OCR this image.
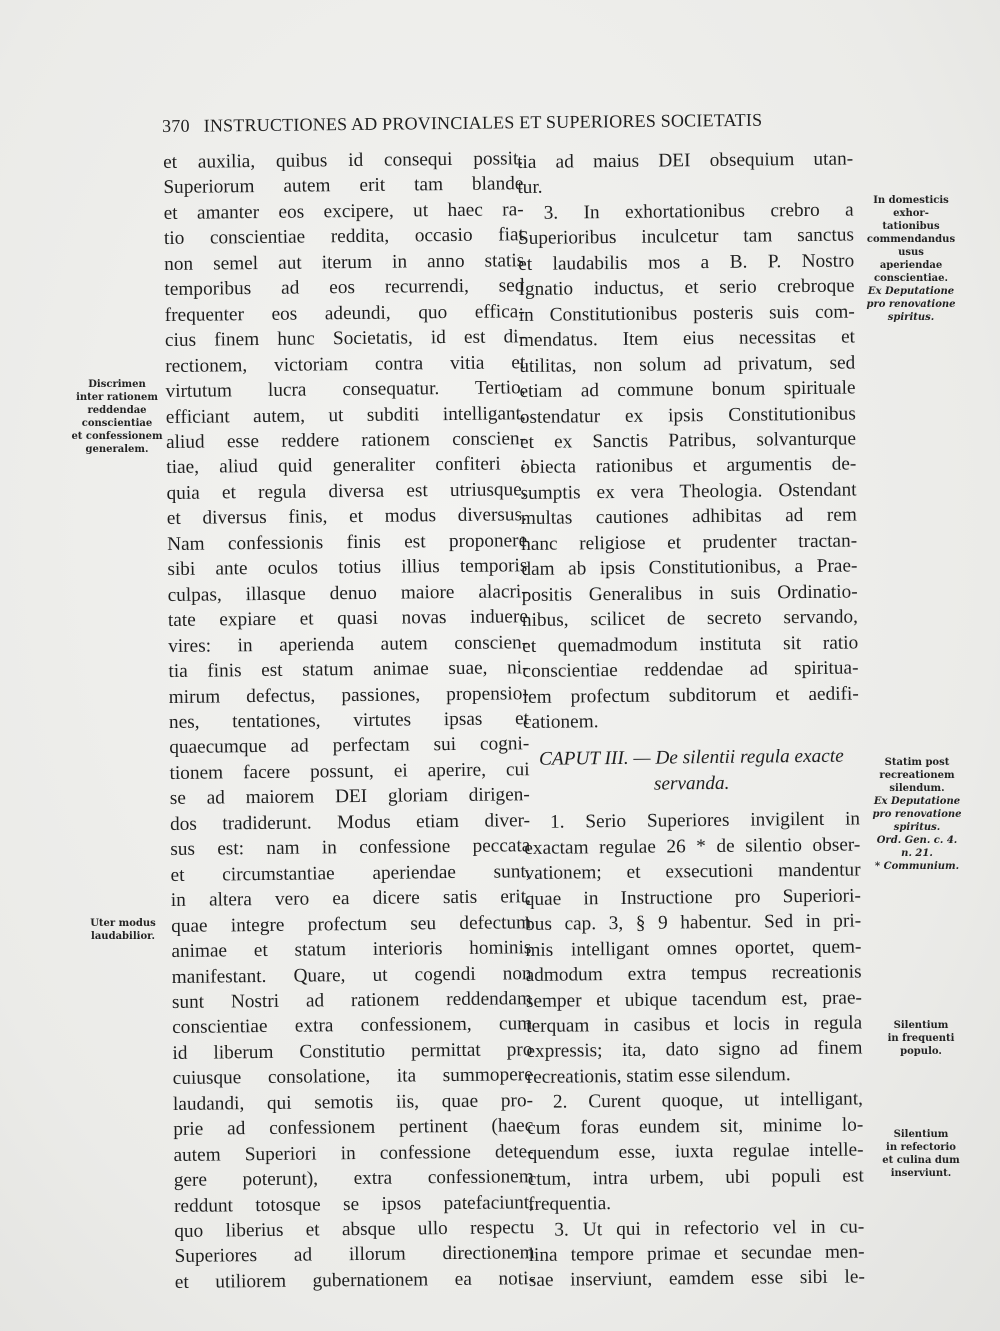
370 INSTRUCTIONES AD PROVINCIALES ET SUPERIORES SOCIETATIS
et auxilia, quibus id consequi possit.
Superiorum autem erit tam blande
et amanter eos excipere, ut haec ra-
tio conscientiae reddita, occasio fiat
non semel aut iterum in anno statis
temporibus ad eos recurrendi, sed
frequenter eos adeundi, quo effica-
cius finem hunc Societatis, id est di-
rectionem, victoriam contra vitia et
virtutum lucra consequatur. Tertio,
efficiant autem, ut subditi intelligant,
aliud esse reddere rationem conscien-
tiae, aliud quid generaliter confiteri :
quia et regula diversa est utriusque,
et diversus finis, et modus diversus.
Nam confessionis finis est proponere
sibi ante oculos totius illius temporis
culpas, illasque denuo maiore alacri-
tate expiare et quasi novas induere
vires: in aperienda autem conscien-
tia finis est statum animae suae, ni-
mirum defectus, passiones, propensio-
nes, tentationes, virtutes ipsas et
quaecumque ad perfectam sui cogni-
tionem facere possunt, ei aperire, cui
se ad maiorem DEI gloriam dirigen-
dos tradiderunt. Modus etiam diver-
sus est: nam in confessione peccata
et circumstantiae aperiendae sunt,
in altera vero ea dicere satis erit,
quae integre profectum seu defectum
animae et statum interioris hominis
manifestant. Quare, ut cogendi non
sunt Nostri ad rationem reddendam
conscientiae extra confessionem, cum
id liberum Constitutio permittat pro
cuiusque consolatione, ita summopere
laudandi, qui semotis iis, quae pro-
prie ad confessionem pertinent (haec
autem Superiori in confessione dete-
gere poterunt), extra confessionem
reddunt totosque se ipsos patefaciunt,
quo liberius et absque ullo respectu
Superiores ad illorum directionem
et utiliorem gubernationem ea noti-
tia ad maius DEI obsequium utan-
tur.
3. In exhortationibus crebro a
Superioribus inculcetur tam sanctus
et laudabilis mos a B. P. Nostro
Ignatio inductus, et serio crebroque
in Constitutionibus posteris suis com-
mendatus. Item eius necessitas et
utilitas, non solum ad privatum, sed
etiam ad commune bonum spirituale
ostendatur ex ipsis Constitutionibus
et ex Sanctis Patribus, solvanturque
obiecta rationibus et argumentis de-
sumptis ex vera Theologia. Ostendant
multas cautiones adhibitas ad rem
hanc religiose et prudenter tractan-
dam ab ipsis Constitutionibus, a Prae-
positis Generalibus in suis Ordinatio-
nibus, scilicet de secreto servando,
et quemadmodum instituta sit ratio
conscientiae reddendae ad spiritua-
lem profectum subditorum et aedifi-
cationem.
CAPUT III. — De silentii regula exacte
servanda.
1. Serio Superiores invigilent in
exactam regulae 26 * de silentio obser-
vationem; et exsecutioni mandentur
quae in Instructione pro Superiori-
bus cap. 3, § 9 habentur. Sed in pri-
mis intelligant omnes oportet, quem-
admodum extra tempus recreationis
semper et ubique tacendum est, prae-
terquam in casibus et locis in regula
expressis; ita, dato signo ad finem
recreationis, statim esse silendum.
2. Curent quoque, ut intelligant,
cum foras eundem sit, minime lo-
quendum esse, iuxta regulae intelle-
ctum, intra urbem, ubi populi est
frequentia.
3. Ut qui in refectorio vel in cu-
lina tempore primae et secundae men-
sae inserviunt, eamdem esse sibi le-
Discrimen
inter rationem
reddendae
conscientiae
et confessionem
generalem.
Uter modus
laudabilior.
In domesticis
exhor-
tationibus
commendandus
usus
aperiendae
conscientiae.
Ex Deputatione
pro renovatione
spiritus.
Statim post
recreationem
silendum.
Ex Deputatione
pro renovatione
spiritus.
Ord. Gen. c. 4.
n. 21.
* Communium.
Silentium
in frequenti
populo.
Silentium
in refectorio
et culina dum
inserviunt.
